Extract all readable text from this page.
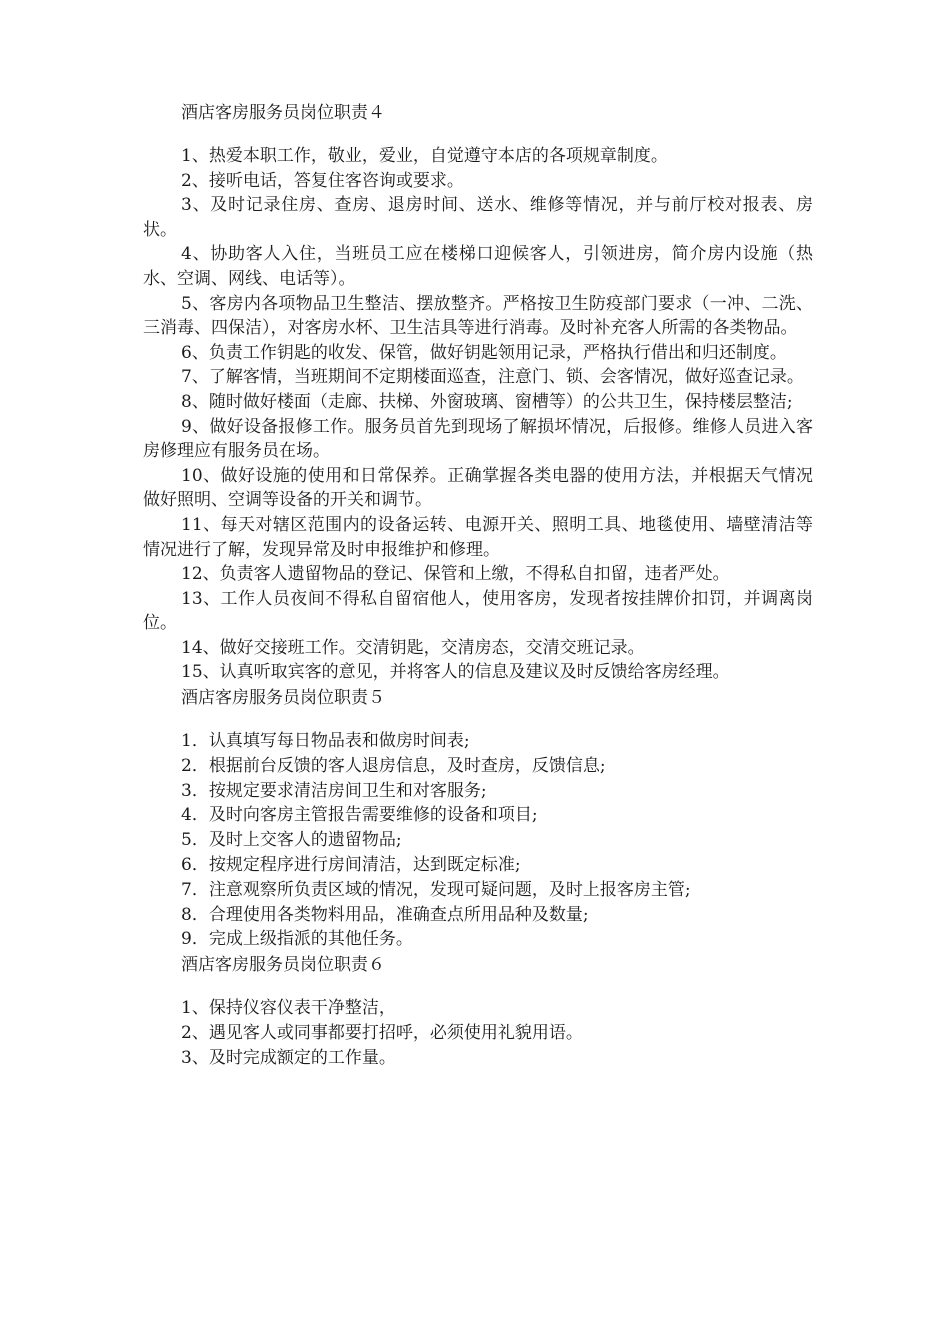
酒店客房服务员岗位职责４

1、热爱本职工作，敬业，爱业，自觉遵守本店的各项规章制度。

2、接听电话，答复住客咨询或要求。

3、及时记录住房、查房、退房时间、送水、维修等情况，并与前厅校对报表、房状。

4、协助客人入住，当班员工应在楼梯口迎候客人，引领进房，简介房内设施（热水、空调、网线、电话等）。

5、客房内各项物品卫生整洁、摆放整齐。严格按卫生防疫部门要求（一冲、二洗、三消毒、四保洁），对客房水杯、卫生洁具等进行消毒。及时补充客人所需的各类物品。

6、负责工作钥匙的收发、保管，做好钥匙领用记录，严格执行借出和归还制度。

7、了解客情，当班期间不定期楼面巡查，注意门、锁、会客情况，做好巡查记录。

8、随时做好楼面（走廊、扶梯、外窗玻璃、窗槽等）的公共卫生，保持楼层整洁;

9、做好设备报修工作。服务员首先到现场了解损坏情况，后报修。维修人员进入客房修理应有服务员在场。

10、做好设施的使用和日常保养。正确掌握各类电器的使用方法，并根据天气情况做好照明、空调等设备的开关和调节。

11、每天对辖区范围内的设备运转、电源开关、照明工具、地毯使用、墙壁清洁等情况进行了解，发现异常及时申报维护和修理。

12、负责客人遗留物品的登记、保管和上缴，不得私自扣留，违者严处。

13、工作人员夜间不得私自留宿他人，使用客房，发现者按挂牌价扣罚，并调离岗位。

14、做好交接班工作。交清钥匙，交清房态，交清交班记录。

15、认真听取宾客的意见，并将客人的信息及建议及时反馈给客房经理。

酒店客房服务员岗位职责５

1．认真填写每日物品表和做房时间表;

2．根据前台反馈的客人退房信息，及时查房，反馈信息;

3．按规定要求清洁房间卫生和对客服务;

4．及时向客房主管报告需要维修的设备和项目;

5．及时上交客人的遗留物品;

6．按规定程序进行房间清洁，达到既定标准;

7．注意观察所负责区域的情况，发现可疑问题，及时上报客房主管;

8．合理使用各类物料用品，准确查点所用品种及数量;

9．完成上级指派的其他任务。

酒店客房服务员岗位职责６

1、保持仪容仪表干净整洁，

2、遇见客人或同事都要打招呼，必须使用礼貌用语。

3、及时完成额定的工作量。
